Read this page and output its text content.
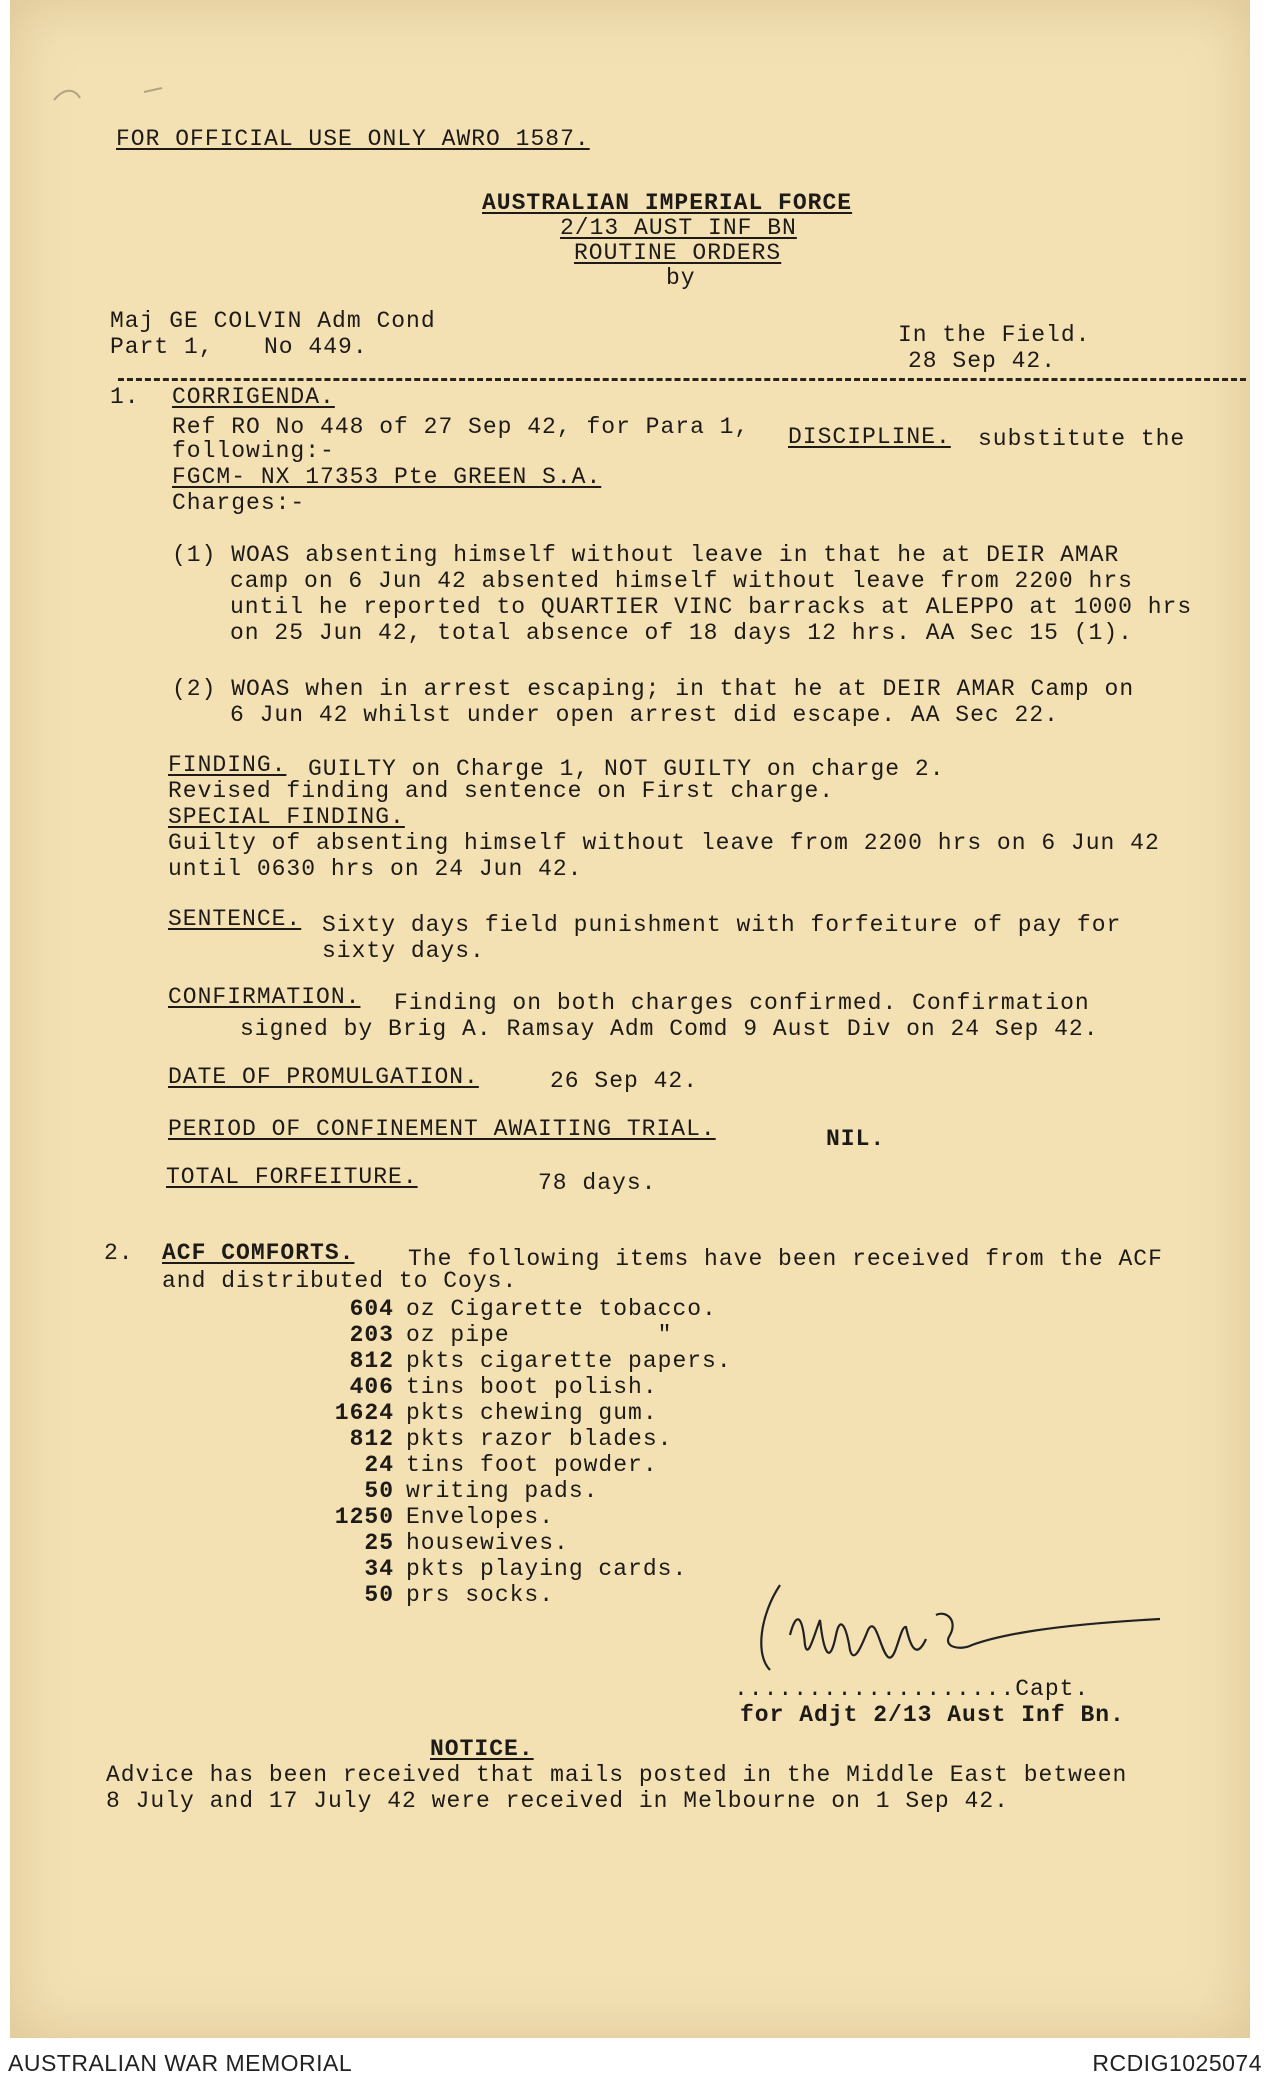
FOR OFFICIAL USE ONLY AWRO 1587.
AUSTRALIAN IMPERIAL FORCE
2/13 AUST INF BN
ROUTINE ORDERS
by
Maj GE COLVIN Adm Cond
Part 1, No 449.	In the Field.
28 Sep 42.
1. CORRIGENDA.
Ref RO No 448 of 27 Sep 42, for Para 1, DISCIPLINE. substitute the
following:-
FGCM- NX 17353 Pte GREEN S.A.
Charges:-
(1) WOAS absenting himself without leave in that he at DEIR AMAR
camp on 6 Jun 42 absented himself without leave from 2200 hrs
until he reported to QUARTIER VINC barracks at ALEPPO at 1000 hrs
on 25 Jun 42, total absence of 18 days 12 hrs. AA Sec 15 (1).
(2) WOAS when in arrest escaping; in that he at DEIR AMAR Camp on
6 Jun 42 whilst under open arrest did escape. AA Sec 22.
FINDING. GUILTY on Charge 1, NOT GUILTY on charge 2.
Revised finding and sentence on First charge.
SPECIAL FINDING.
Guilty of absenting himself without leave from 2200 hrs on 6 Jun 42
until 0630 hrs on 24 Jun 42.
SENTENCE. Sixty days field punishment with forfeiture of pay for
sixty days.
CONFIRMATION. Finding on both charges confirmed. Confirmation
signed by Brig A. Ramsay Adm Comd 9 Aust Div on 24 Sep 42.
DATE OF PROMULGATION.	26 Sep 42.
PERIOD OF CONFINEMENT AWAITING TRIAL.	NIL.
TOTAL FORFEITURE.	78 days.
2. ACF COMFORTS. The following items have been received from the ACF
and distributed to Coys.
604 oz Cigarette tobacco.
203 oz pipe          "
812 pkts cigarette papers.
406 tins boot polish.
1624 pkts chewing gum.
812 pkts razor blades.
24 tins foot powder.
50 writing pads.
1250 Envelopes.
25 housewives.
34 pkts playing cards.
50 prs socks.
...................Capt.
for Adjt 2/13 Aust Inf Bn.
NOTICE.
Advice has been received that mails posted in the Middle East between
8 July and 17 July 42 were received in Melbourne on 1 Sep 42.
AUSTRALIAN WAR MEMORIAL	RCDIG1025074
